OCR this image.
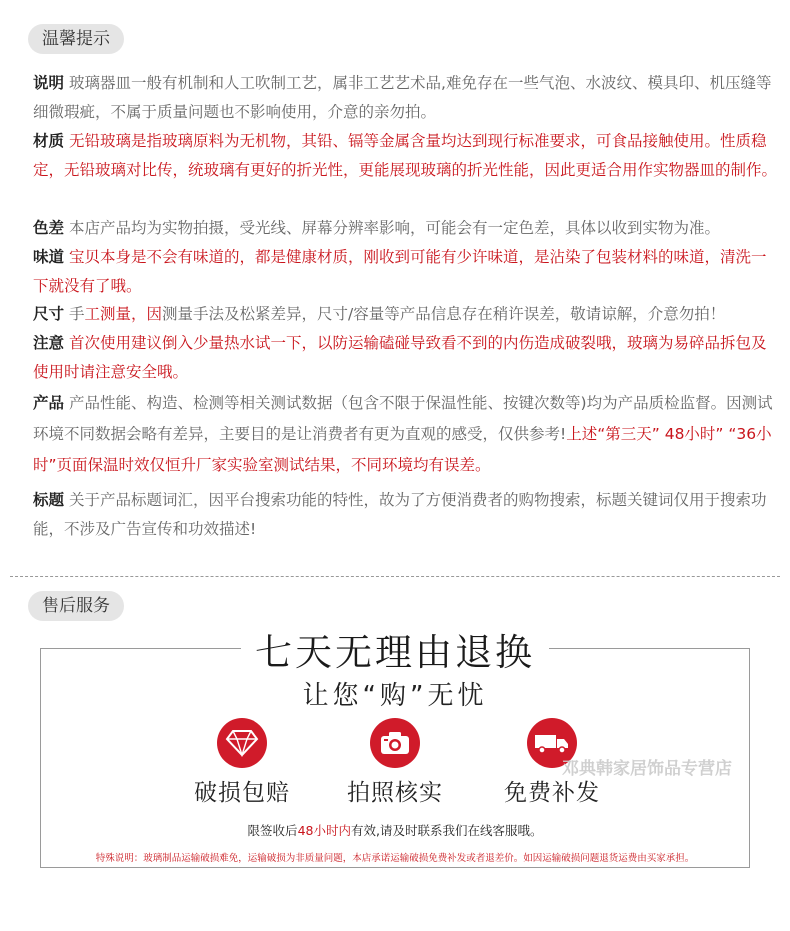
温馨提示
说明 玻璃器皿一般有机制和人工吹制工艺，属非工艺艺术品,难免存在一些气泡、水波纹、模具印、机压缝等细微瑕疵，不属于质量问题也不影响使用，介意的亲勿拍。
材质 无铅玻璃是指玻璃原料为无机物，其铅、镉等金属含量均达到现行标准要求，可食品接触使用。性质稳定，无铅玻璃对比传，统玻璃有更好的折光性，更能展现玻璃的折光性能，因此更适合用作实物器皿的制作。
色差 本店产品均为实物拍摄，受光线、屏幕分辨率影响，可能会有一定色差，具体以收到实物为准。
味道 宝贝本身是不会有味道的，都是健康材质，刚收到可能有少许味道，是沾染了包装材料的味道，清洗一下就没有了哦。
尺寸 手工测量，因测量手法及松紧差异，尺寸/容量等产品信息存在稍许误差，敬请谅解，介意勿拍！
注意 首次使用建议倒入少量热水试一下，以防运输磕碰导致看不到的内伤造成破裂哦，玻璃为易碎品拆包及使用时请注意安全哦。
产品 产品性能、构造、检测等相关测试数据（包含不限于保温性能、按键次数等)均为产品质检监督。因测试环境不同数据会略有差异，主要目的是让消费者有更为直观的感受，仅供参考!上述“第三天” 48小时” “36小时”页面保温时效仅恒升厂家实验室测试结果，不同环境均有误差。
标题 关于产品标题词汇，因平台搜索功能的特性，故为了方便消费者的购物搜索，标题关键词仅用于搜索功能，不涉及广告宣传和功效描述!
售后服务
七天无理由退换
让您“购”无忧
破损包赔	拍照核实	免费补发
邓典韩家居饰品专营店
限签收后48小时内有效,请及时联系我们在线客服哦。
特殊说明：玻璃制品运输破损难免，运输破损为非质量问题，本店承诺运输破损免费补发或者退差价。如因运输破损问题退货运费由买家承担。
